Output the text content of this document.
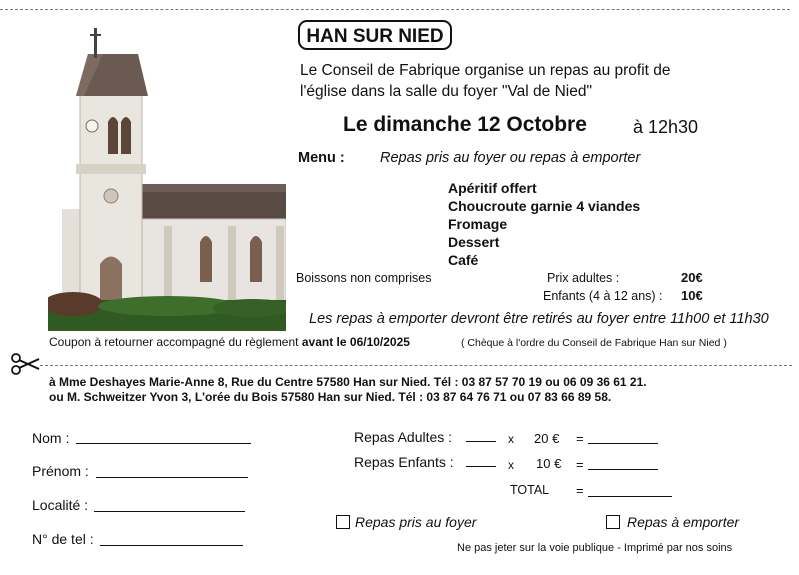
HAN SUR NIED
Le Conseil de Fabrique organise un repas au profit de
l'église dans la salle du foyer "Val de Nied"
Le dimanche 12 Octobre	à 12h30
Menu : Repas pris au foyer ou repas à emporter
Apéritif offert
Choucroute garnie 4 viandes
Fromage
Dessert
Café
Boissons non comprises	Prix adultes :	20€
Enfants (4 à 12 ans) : 10€
Les repas à emporter devront être retirés au foyer entre 11h00 et 11h30
Coupon à retourner accompagné du règlement avant le 06/10/2025	( Chèque à l'ordre du Conseil de Fabrique Han sur Nied )
à Mme Deshayes Marie-Anne 8, Rue du Centre 57580 Han sur Nied. Tél : 03 87 57 70 19 ou 06 09 36 61 21.
ou M. Schweitzer Yvon 3, L'orée du Bois 57580 Han sur Nied. Tél : 03 87 64 76 71 ou 07 83 66 89 58.
Nom :
Prénom :
Localité :
N° de tel :
Repas Adultes :	x 20 € =
Repas Enfants :	x 10 € =
TOTAL =
Repas pris au foyer	Repas à emporter
Ne pas jeter sur la voie publique - Imprimé par nos soins
